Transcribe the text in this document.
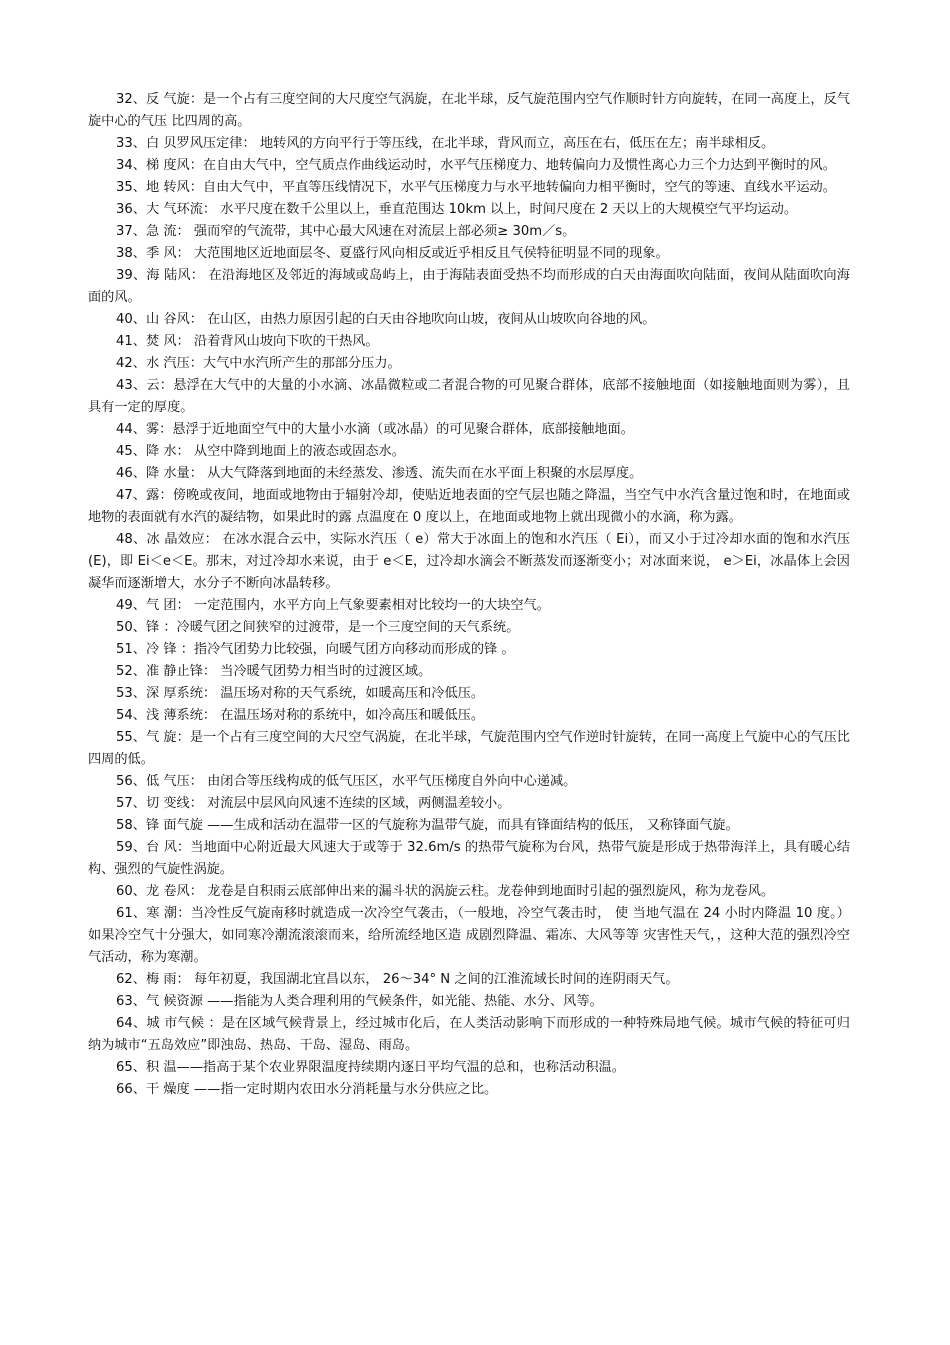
32、反 气旋：是一个占有三度空间的大尺度空气涡旋，在北半球，反气旋范围内空气作顺时针方向旋转，在同一高度上，反气旋中心的气压 比四周的高。

33、白 贝罗风压定律： 地转风的方向平行于等压线，在北半球，背风而立，高压在右，低压在左；南半球相反。

34、梯 度风：在自由大气中，空气质点作曲线运动时，水平气压梯度力、地转偏向力及惯性离心力三个力达到平衡时的风。

35、地 转风：自由大气中，平直等压线情况下，水平气压梯度力与水平地转偏向力相平衡时，空气的等速、直线水平运动。

36、大 气环流： 水平尺度在数千公里以上，垂直范围达 10km 以上，时间尺度在 2 天以上的大规模空气平均运动。

37、急 流： 强而窄的气流带，其中心最大风速在对流层上部必须≥ 30m／s。

38、季 风： 大范围地区近地面层冬、夏盛行风向相反或近乎相反且气侯特征明显不同的现象。

39、海 陆风： 在沿海地区及邻近的海域或岛屿上，由于海陆表面受热不均而形成的白天由海面吹向陆面，夜间从陆面吹向海面的风。

40、山 谷风： 在山区，由热力原因引起的白天由谷地吹向山坡，夜间从山坡吹向谷地的风。

41、焚 风： 沿着背风山坡向下吹的干热风。

42、水 汽压：大气中水汽所产生的那部分压力。

43、云：悬浮在大气中的大量的小水滴、冰晶微粒或二者混合物的可见聚合群体，底部不接触地面（如接触地面则为雾），且具有一定的厚度。

44、雾：悬浮于近地面空气中的大量小水滴（或冰晶）的可见聚合群体，底部接触地面。

45、降 水： 从空中降到地面上的液态或固态水。

46、降 水量： 从大气降落到地面的未经蒸发、渗透、流失而在水平面上积聚的水层厚度。

47、露：傍晚或夜间，地面或地物由于辐射冷却，使贴近地表面的空气层也随之降温，当空气中水汽含量过饱和时，在地面或地物的表面就有水汽的凝结物，如果此时的露 点温度在 0 度以上，在地面或地物上就出现微小的水滴，称为露。

48、冰 晶效应： 在冰水混合云中，实际水汽压（ e）常大于冰面上的饱和水汽压（ Ei），而又小于过冷却水面的饱和水汽压 (E)，即 Ei＜e＜E。那末，对过冷却水来说，由于 e＜E，过冷却水滴会不断蒸发而逐渐变小；对冰面来说， e＞Ei，冰晶体上会因凝华而逐渐增大，水分子不断向冰晶转移。

49、气 团： 一定范围内，水平方向上气象要素相对比较均一的大块空气。

50、锋 ：冷暖气团之间狭窄的过渡带，是一个三度空间的天气系统。

51、冷 锋 ：指冷气团势力比较强，向暖气团方向移动而形成的锋 。

52、准 静止锋： 当冷暖气团势力相当时的过渡区域。

53、深 厚系统： 温压场对称的天气系统，如暖高压和冷低压。

54、浅 薄系统： 在温压场对称的系统中，如冷高压和暖低压。

55、气 旋：是一个占有三度空间的大尺空气涡旋，在北半球，气旋范围内空气作逆时针旋转，在同一高度上气旋中心的气压比四周的低。

56、低 气压： 由闭合等压线构成的低气压区，水平气压梯度自外向中心递减。

57、切 变线： 对流层中层风向风速不连续的区域，两侧温差较小。

58、锋 面气旋 ——生成和活动在温带一区的气旋称为温带气旋，而具有锋面结构的低压， 又称锋面气旋。

59、台 风：当地面中心附近最大风速大于或等于 32.6m/s 的热带气旋称为台风，热带气旋是形成于热带海洋上，具有暖心结构、强烈的气旋性涡旋。

60、龙 卷风： 龙卷是自积雨云底部伸出来的漏斗状的涡旋云柱。龙卷伸到地面时引起的强烈旋风，称为龙卷风。

61、寒 潮：当冷性反气旋南移时就造成一次冷空气袭击，（一般地，冷空气袭击时， 使 当地气温在 24 小时内降温 10 度。）如果冷空气十分强大，如同寒冷潮流滚滚而来，给所流经地区造 成剧烈降温、霜冻、大风等等 灾害性天气，，这种大范的强烈冷空气活动，称为寒潮。

62、梅 雨： 每年初夏，我国湖北宜昌以东， 26～34° N 之间的江淮流域长时间的连阴雨天气。

63、气 候资源 ——指能为人类合理利用的气候条件，如光能、热能、水分、风等。

64、城 市气候 ：是在区域气候背景上，经过城市化后，在人类活动影响下而形成的一种特殊局地气候。城市气候的特征可归纳为城市“五岛效应”即浊岛、热岛、干岛、湿岛、雨岛。

65、积 温——指高于某个农业界限温度持续期内逐日平均气温的总和，也称活动积温。

66、干 燥度 ——指一定时期内农田水分消耗量与水分供应之比。
